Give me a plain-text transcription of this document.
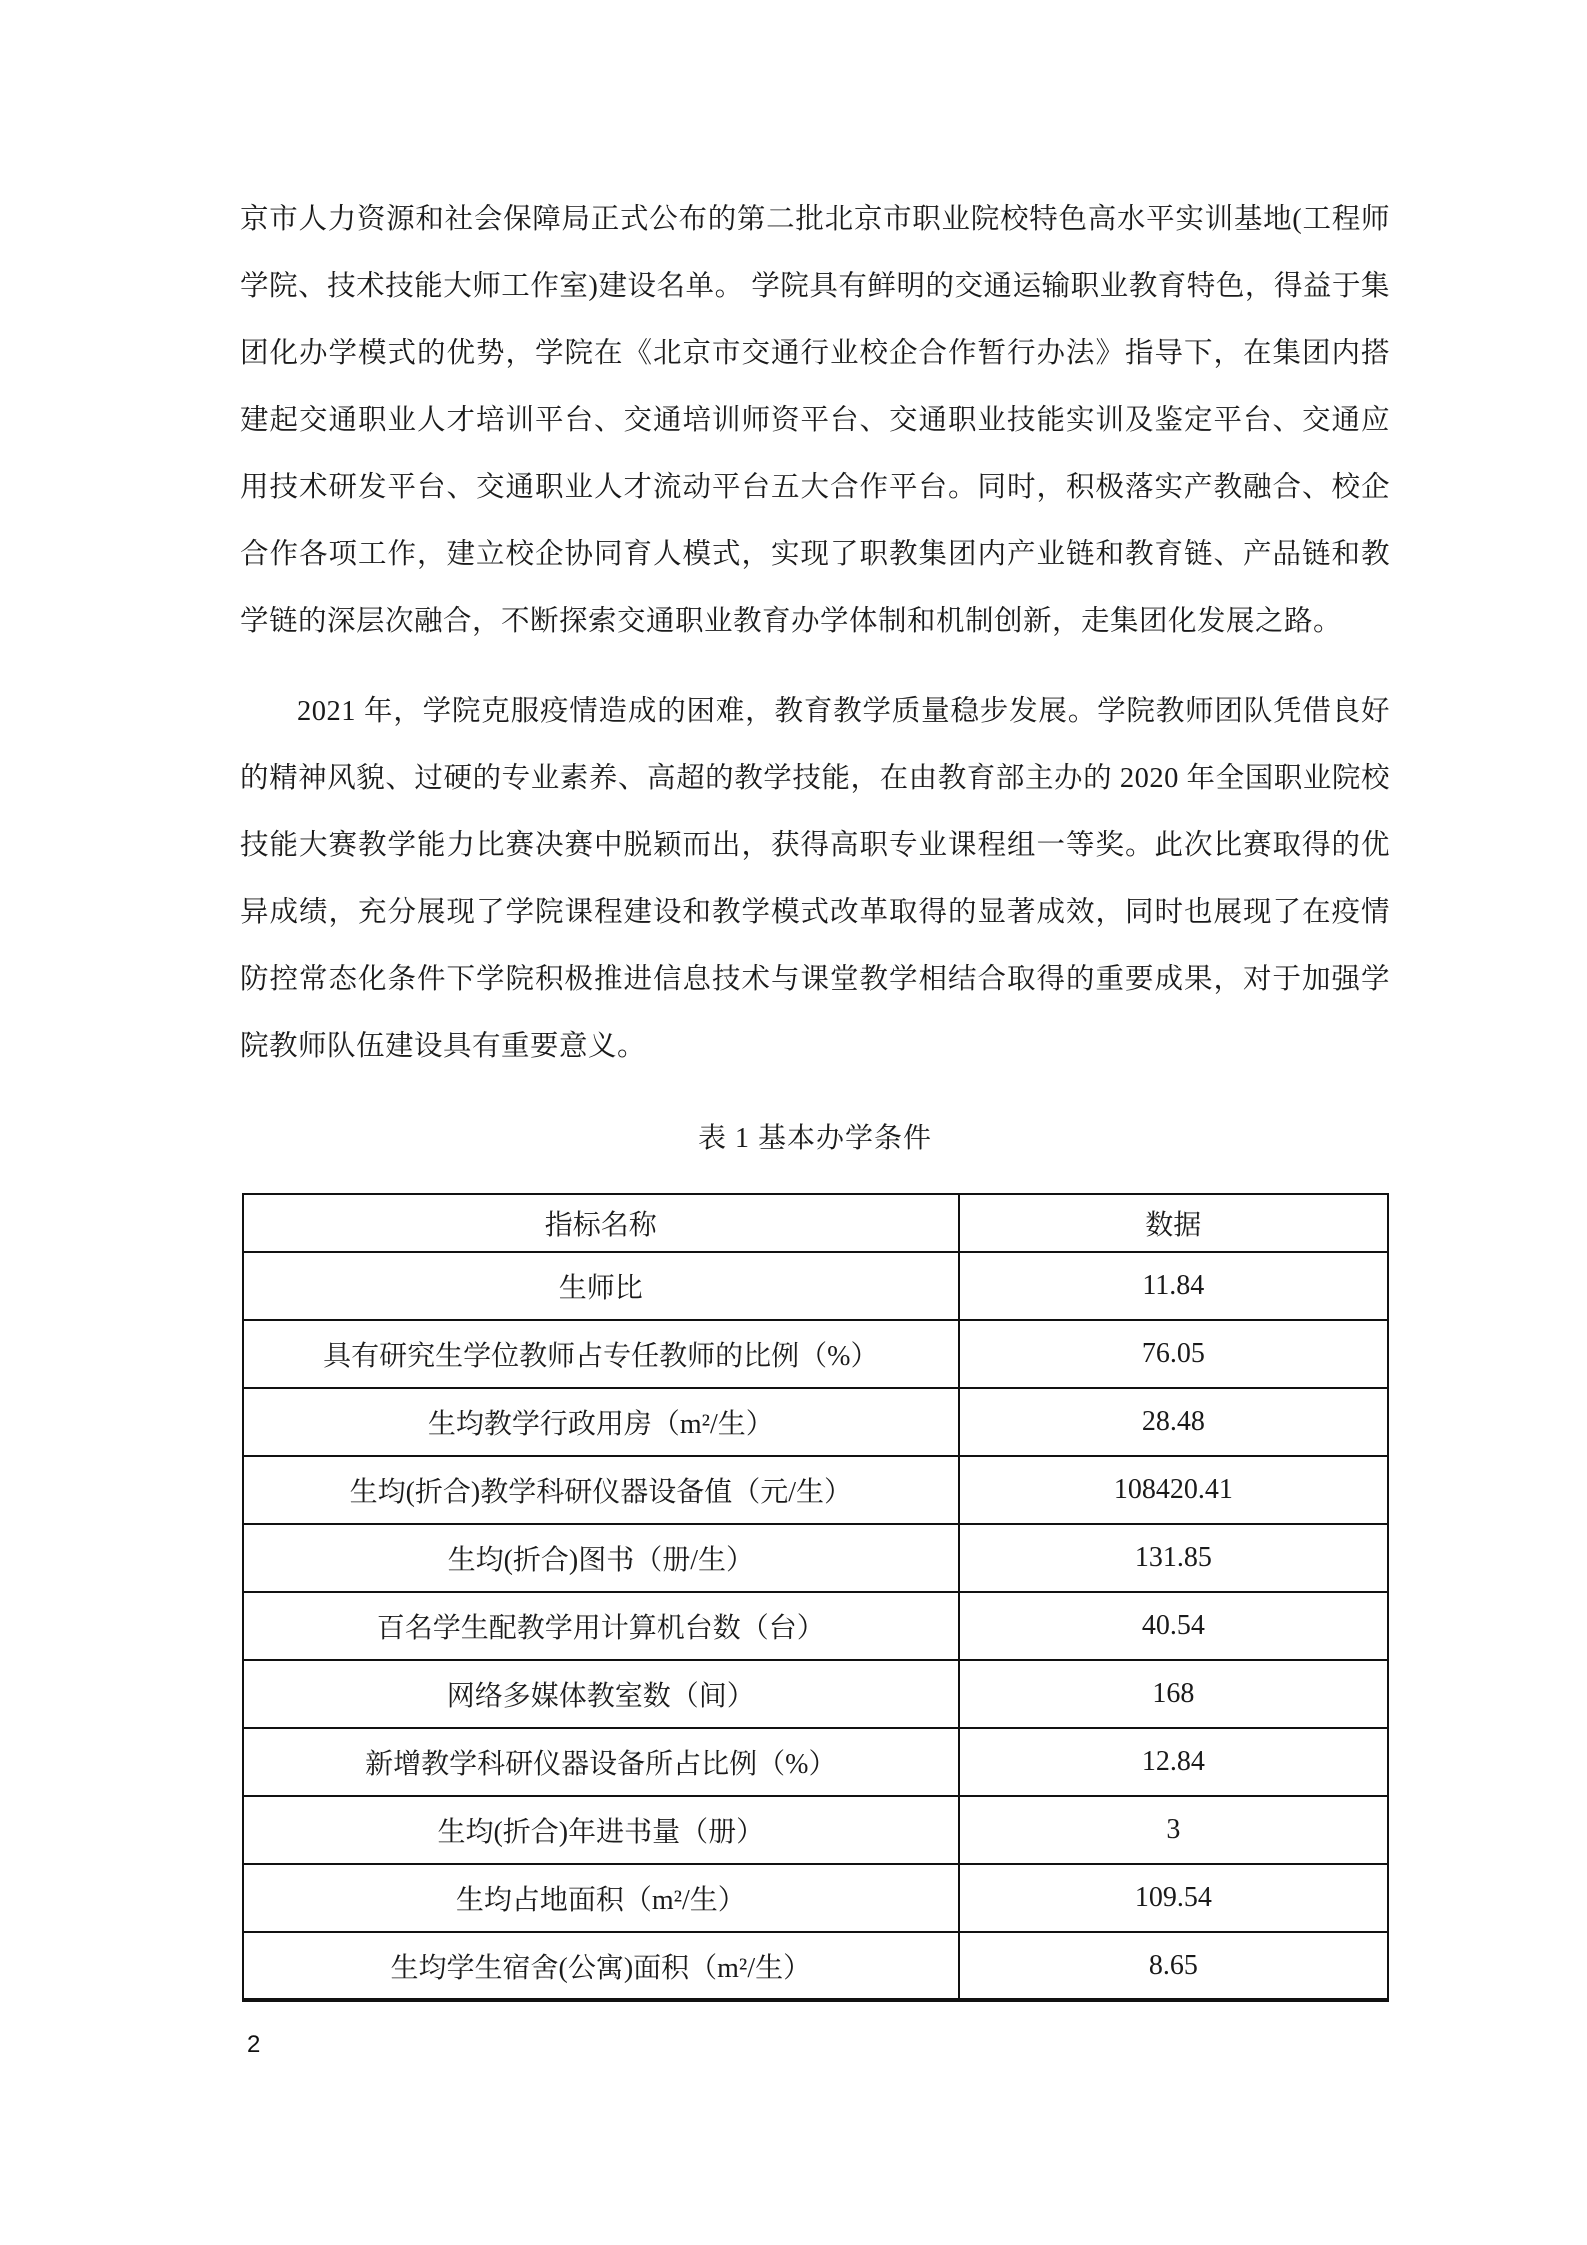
京市人力资源和社会保障局正式公布的第二批北京市职业院校特色高水平实训基地(工程师学院、技术技能大师工作室)建设名单。 学院具有鲜明的交通运输职业教育特色，得益于集团化办学模式的优势，学院在《北京市交通行业校企合作暂行办法》指导下，在集团内搭建起交通职业人才培训平台、交通培训师资平台、交通职业技能实训及鉴定平台、交通应用技术研发平台、交通职业人才流动平台五大合作平台。同时，积极落实产教融合、校企合作各项工作，建立校企协同育人模式，实现了职教集团内产业链和教育链、产品链和教学链的深层次融合，不断探索交通职业教育办学体制和机制创新，走集团化发展之路。

2021 年，学院克服疫情造成的困难，教育教学质量稳步发展。学院教师团队凭借良好的精神风貌、过硬的专业素养、高超的教学技能，在由教育部主办的 2020 年全国职业院校技能大赛教学能力比赛决赛中脱颖而出，获得高职专业课程组一等奖。此次比赛取得的优异成绩，充分展现了学院课程建设和教学模式改革取得的显著成效，同时也展现了在疫情防控常态化条件下学院积极推进信息技术与课堂教学相结合取得的重要成果，对于加强学院教师队伍建设具有重要意义。

表 1 基本办学条件
指标名称	数据
生师比	11.84
具有研究生学位教师占专任教师的比例（%）	76.05
生均教学行政用房（m²/生）	28.48
生均(折合)教学科研仪器设备值（元/生）	108420.41
生均(折合)图书（册/生）	131.85
百名学生配教学用计算机台数（台）	40.54
网络多媒体教室数（间）	168
新增教学科研仪器设备所占比例（%）	12.84
生均(折合)年进书量（册）	3
生均占地面积（m²/生）	109.54
生均学生宿舍(公寓)面积（m²/生）	8.65
2
